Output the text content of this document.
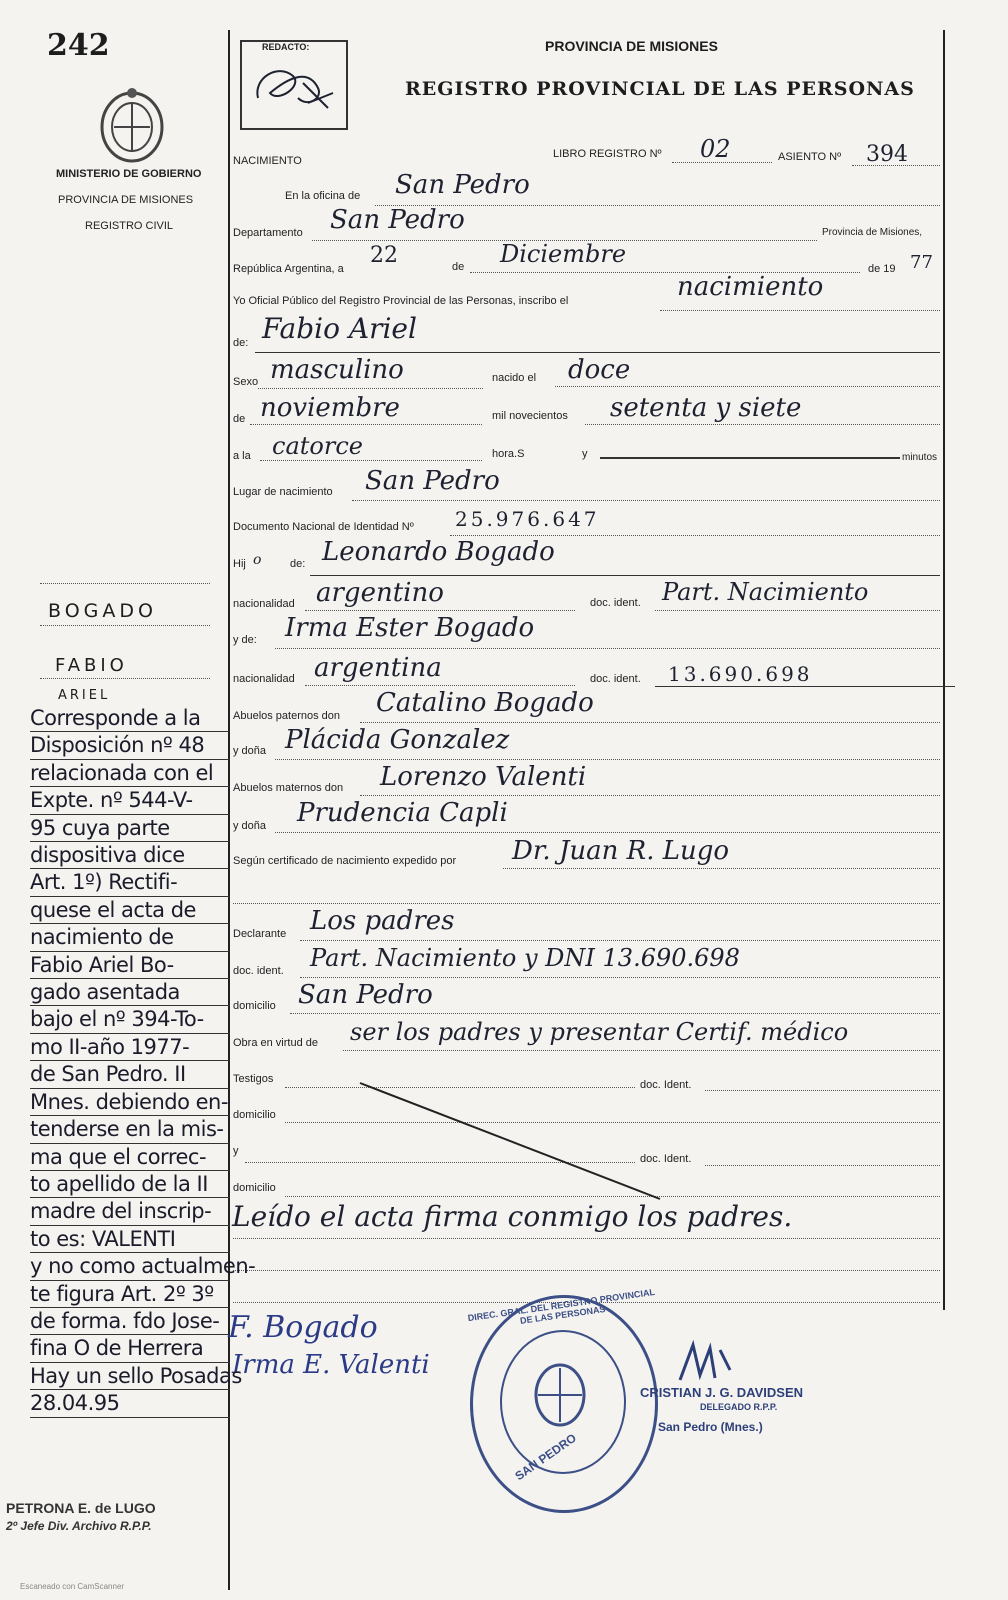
242
MINISTERIO DE GOBIERNO
PROVINCIA DE MISIONES
REGISTRO CIVIL
REDACTO:	PROVINCIA DE MISIONES
REGISTRO PROVINCIAL DE LAS PERSONAS
NACIMIENTO
LIBRO REGISTRO Nº 02	ASIENTO Nº 394
En la oficina de San Pedro
Departamento San Pedro	Provincia de Misiones,
República Argentina, a
22	de Diciembre
de 19 77
Yo Oficial Público del Registro Provincial de las Personas, inscribo el	nacimiento
de: Fabio Ariel
Sexo masculino	nacido el doce
de noviembre	mil novecientos setenta y siete
a la catorce	hora.S	y	minutos
Lugar de nacimiento San Pedro
Documento Nacional de Identidad Nº 25.976.647
Hij o	de: Leonardo Bogado
nacionalidad argentino	doc. ident. Part. Nacimiento
y de: Irma Ester Bogado
nacionalidad argentina	doc. ident. 13.690.698
Abuelos paternos don Catalino Bogado
y doña Plácida Gonzalez
Abuelos maternos don Lorenzo Valenti
y doña Prudencia Capli
Según certificado de nacimiento expedido por Dr. Juan R. Lugo
Declarante Los padres
doc. ident. Part. Nacimiento y DNI 13.690.698
domicilio San Pedro
Obra en virtud de ser los padres y presentar Certif. médico
Testigos	doc. Ident.
domicilio
y
doc. Ident.
domicilio
Leído el acta firma conmigo los padres.
F. Bogado
Irma E. Valenti
DIREC. GRAL. DEL REGISTRO PROVINCIAL DE LAS PERSONAS
SAN PEDRO
CRISTIAN J. G. DAVIDSEN
DELEGADO R.P.P.
San Pedro (Mnes.)
BOGADO
FABIO
ARIEL
Corresponde a la
Disposición nº 48
relacionada con el
Expte. nº 544-V-
95 cuya parte
dispositiva dice
Art. 1º) Rectifi-
quese el acta de
nacimiento de
Fabio Ariel Bo-
gado asentada
bajo el nº 394-To-
mo II-año 1977-
de San Pedro. II
Mnes. debiendo en-
tenderse en la mis-
ma que el correc-
to apellido de la II
madre del inscrip-
to es: VALENTI
y no como actualmen-
te figura Art. 2º 3º
de forma. fdo Jose-
fina O de Herrera
Hay un sello Posadas
28.04.95
PETRONA E. de LUGO
2º Jefe Div. Archivo R.P.P.
Escaneado con CamScanner
